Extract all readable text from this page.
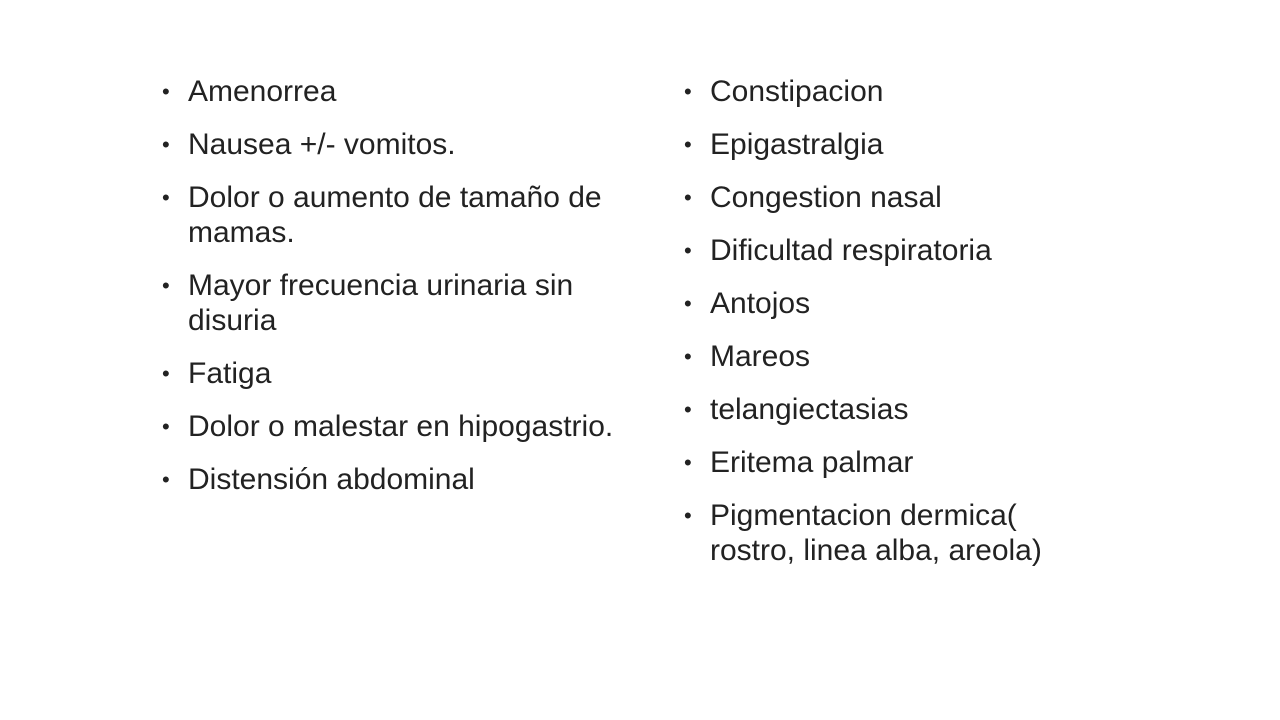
• Amenorrea
• Nausea +/- vomitos.
• Dolor o aumento de tamaño de mamas.
• Mayor frecuencia urinaria sin disuria
• Fatiga
• Dolor o malestar en hipogastrio.
• Distensión abdominal
• Constipacion
• Epigastralgia
• Congestion nasal
• Dificultad respiratoria
• Antojos
• Mareos
• telangiectasias
• Eritema palmar
• Pigmentacion dermica( rostro, linea alba, areola)
